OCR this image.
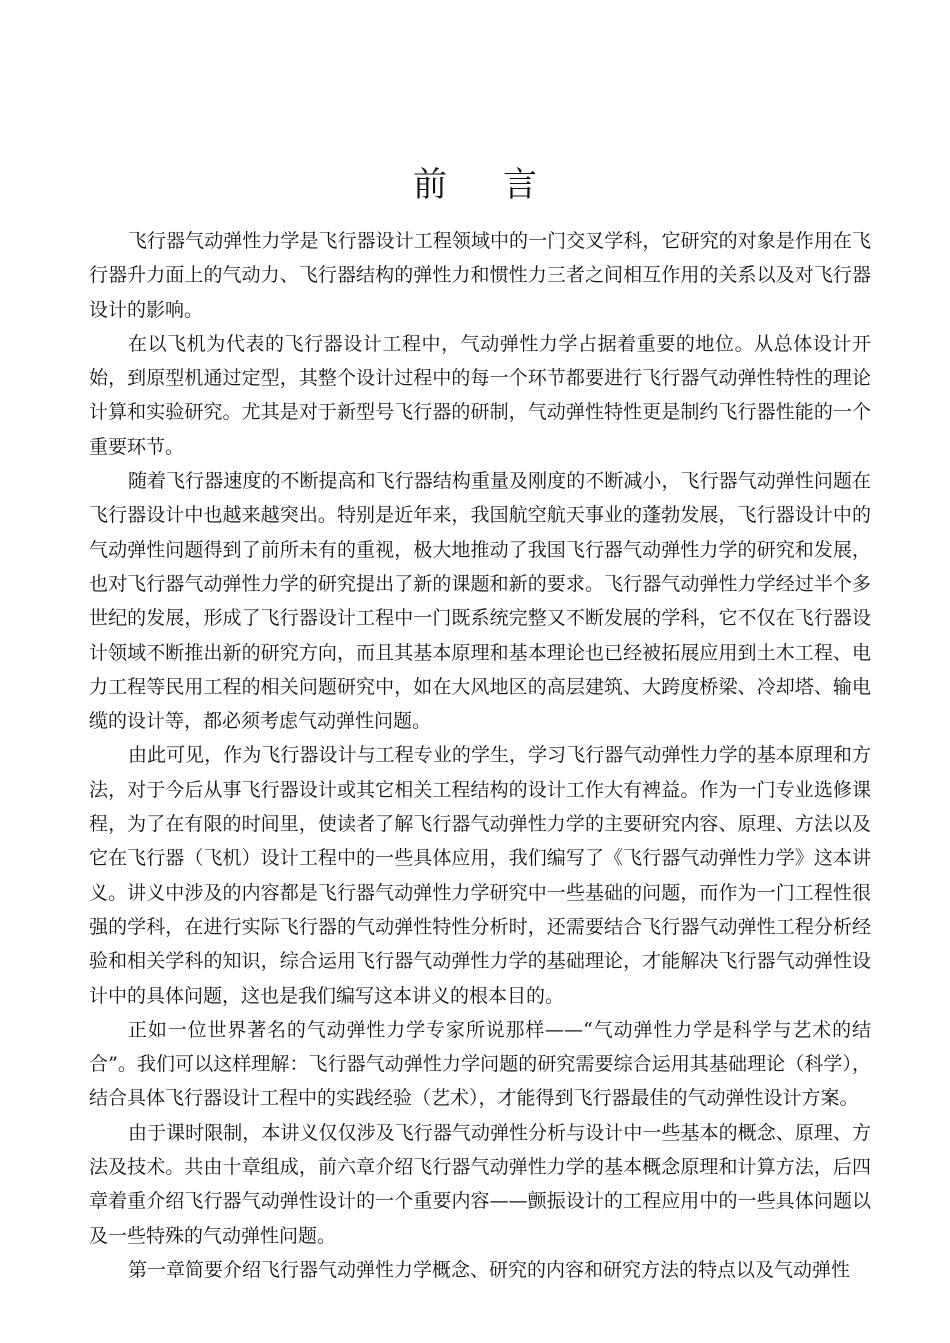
前言

飞行器气动弹性力学是飞行器设计工程领域中的一门交叉学科，它研究的对象是作用在飞行器升力面上的气动力、飞行器结构的弹性力和惯性力三者之间相互作用的关系以及对飞行器设计的影响。

在以飞机为代表的飞行器设计工程中，气动弹性力学占据着重要的地位。从总体设计开始，到原型机通过定型，其整个设计过程中的每一个环节都要进行飞行器气动弹性特性的理论计算和实验研究。尤其是对于新型号飞行器的研制，气动弹性特性更是制约飞行器性能的一个重要环节。

随着飞行器速度的不断提高和飞行器结构重量及刚度的不断减小，飞行器气动弹性问题在飞行器设计中也越来越突出。特别是近年来，我国航空航天事业的蓬勃发展，飞行器设计中的气动弹性问题得到了前所未有的重视，极大地推动了我国飞行器气动弹性力学的研究和发展，也对飞行器气动弹性力学的研究提出了新的课题和新的要求。飞行器气动弹性力学经过半个多世纪的发展，形成了飞行器设计工程中一门既系统完整又不断发展的学科，它不仅在飞行器设计领域不断推出新的研究方向，而且其基本原理和基本理论也已经被拓展应用到土木工程、电力工程等民用工程的相关问题研究中，如在大风地区的高层建筑、大跨度桥梁、冷却塔、输电缆的设计等，都必须考虑气动弹性问题。

由此可见，作为飞行器设计与工程专业的学生，学习飞行器气动弹性力学的基本原理和方法，对于今后从事飞行器设计或其它相关工程结构的设计工作大有裨益。作为一门专业选修课程，为了在有限的时间里，使读者了解飞行器气动弹性力学的主要研究内容、原理、方法以及它在飞行器（飞机）设计工程中的一些具体应用，我们编写了《飞行器气动弹性力学》这本讲义。讲义中涉及的内容都是飞行器气动弹性力学研究中一些基础的问题，而作为一门工程性很强的学科，在进行实际飞行器的气动弹性特性分析时，还需要结合飞行器气动弹性工程分析经验和相关学科的知识，综合运用飞行器气动弹性力学的基础理论，才能解决飞行器气动弹性设计中的具体问题，这也是我们编写这本讲义的根本目的。

正如一位世界著名的气动弹性力学专家所说那样——“气动弹性力学是科学与艺术的结合”。我们可以这样理解：飞行器气动弹性力学问题的研究需要综合运用其基础理论（科学），结合具体飞行器设计工程中的实践经验（艺术），才能得到飞行器最佳的气动弹性设计方案。

由于课时限制，本讲义仅仅涉及飞行器气动弹性分析与设计中一些基本的概念、原理、方法及技术。共由十章组成，前六章介绍飞行器气动弹性力学的基本概念原理和计算方法，后四章着重介绍飞行器气动弹性设计的一个重要内容——颤振设计的工程应用中的一些具体问题以及一些特殊的气动弹性问题。

第一章简要介绍飞行器气动弹性力学概念、研究的内容和研究方法的特点以及气动弹性
